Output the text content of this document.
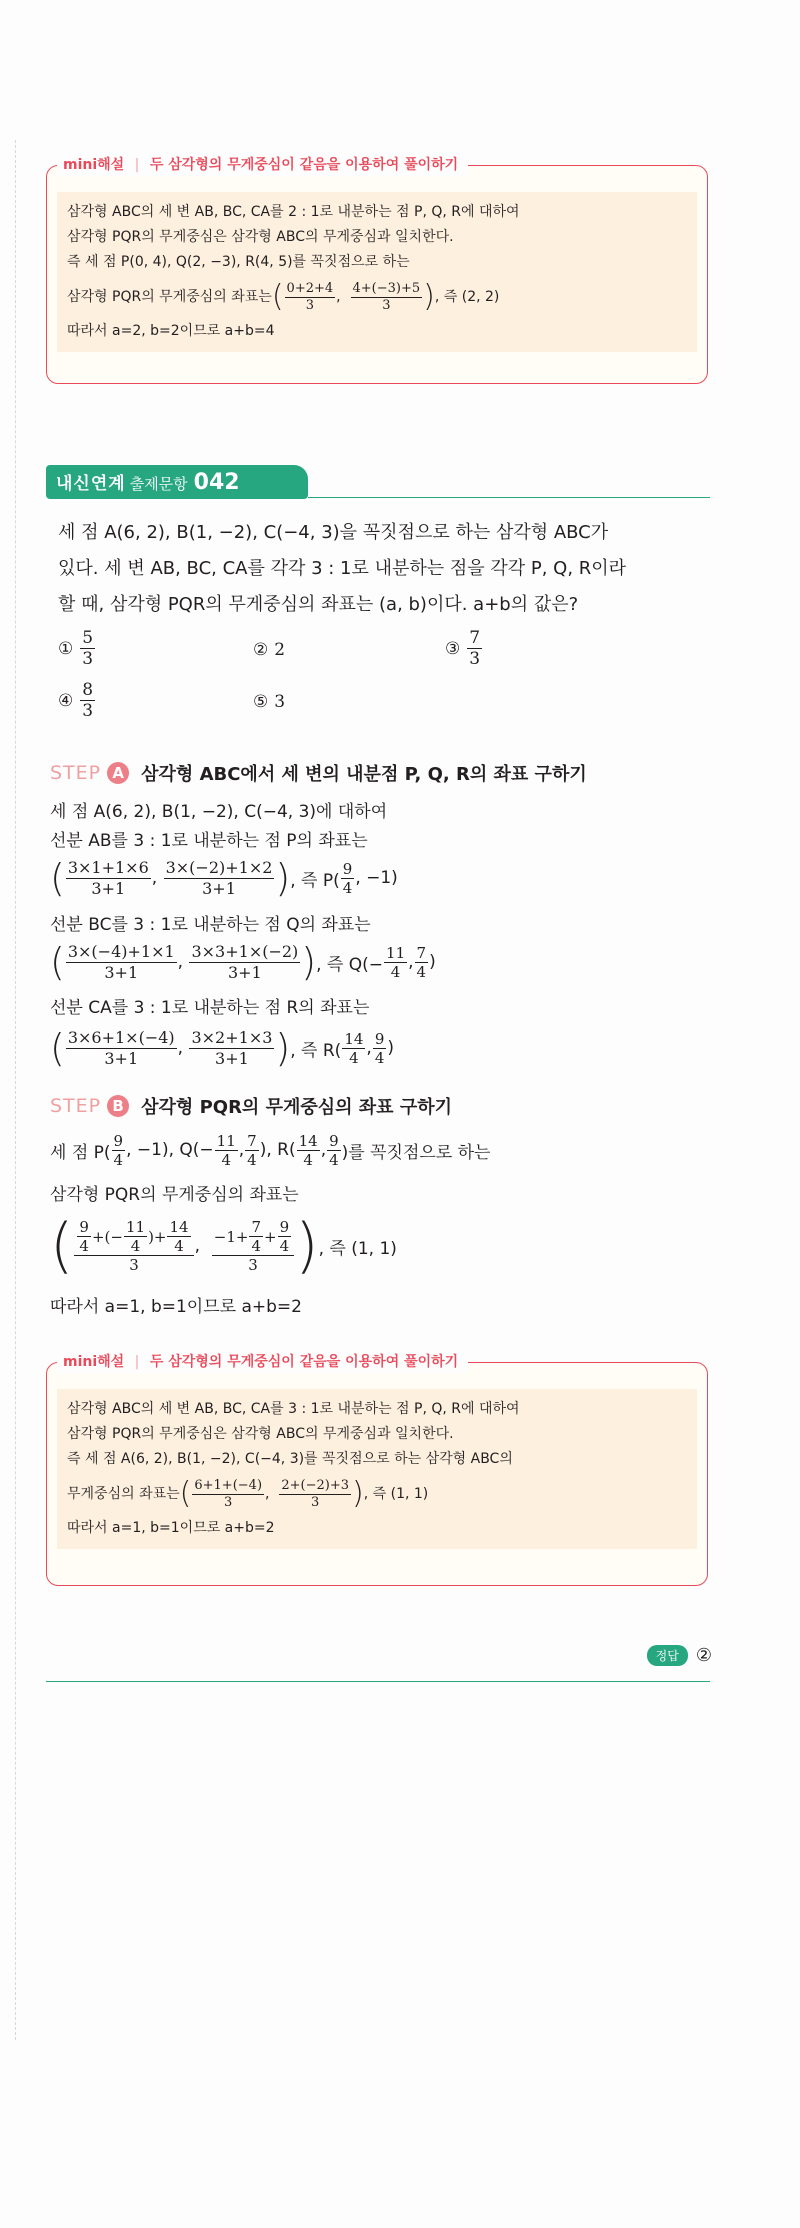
mini해설 | 두 삼각형의 무게중심이 같음을 이용하여 풀이하기
삼각형 ABC의 세 변 AB, BC, CA를 2 : 1로 내분하는 점 P, Q, R에 대하여
삼각형 PQR의 무게중심은 삼각형 ABC의 무게중심과 일치한다.
즉 세 점 P(0, 4), Q(2, −3), R(4, 5)를 꼭짓점으로 하는
삼각형 PQR의 무게중심의 좌표는 ( $\frac{0+2+4}{3}$ , $\frac{4+(-3)+5}{3}$ ) , 즉 (2, 2)
따라서 a=2, b=2이므로 a+b=4
내신연계 출제문항 042
세 점 A(6, 2), B(1, −2), C(−4, 3)을 꼭짓점으로 하는 삼각형 ABC가
있다. 세 변 AB, BC, CA를 각각 3 : 1로 내분하는 점을 각각 P, Q, R이라
할 때, 삼각형 PQR의 무게중심의 좌표는 (a, b)이다. a+b의 값은?
① $\frac{5}{3}$	② 2	③ $\frac{7}{3}$
④ $\frac{8}{3}$	⑤ 3
STEP A 삼각형 ABC에서 세 변의 내분점 P, Q, R의 좌표 구하기
세 점 A(6, 2), B(1, −2), C(−4, 3)에 대하여
선분 AB를 3 : 1로 내분하는 점 P의 좌표는
( $\frac{3\times 1+1\times 6}{3+1}$ , $\frac{3\times(-2)+1\times 2}{3+1}$ ) , 즉 $P( \frac{9}{4}$ , −1)
선분 BC를 3 : 1로 내분하는 점 Q의 좌표는
( $\frac{3\times(-4)+1\times 1}{3+1}$ , $\frac{3\times 3+1\times(-2)}{3+1}$ ) , 즉 $Q(- \frac{11}{4}$ , $\frac{7}{4}$ )
선분 CA를 3 : 1로 내분하는 점 R의 좌표는
( $\frac{3\times 6+1\times(-4)}{3+1}$ , $\frac{3\times 2+1\times 3}{3+1}$ ) , 즉 $R( \frac{14}{4}$ , $\frac{9}{4}$ )
STEP B 삼각형 PQR의 무게중심의 좌표 구하기
세 점 $P( \frac{9}{4}$ , −1), $Q(- \frac{11}{4}$ , $\frac{7}{4}$ ), $R( \frac{14}{4}$ , $\frac{9}{4}$ )를 꼭짓점으로 하는
삼각형 PQR의 무게중심의 좌표는
( $\frac{\frac{9}{4} +(- \frac{11}{4} )+ \frac{14}{4}}{3}$ , $\frac{-1+ \frac{7}{4} + \frac{9}{4}}{3}$ ) , 즉 (1, 1)
따라서 a=1, b=1이므로 a+b=2
mini해설 | 두 삼각형의 무게중심이 같음을 이용하여 풀이하기
삼각형 ABC의 세 변 AB, BC, CA를 3 : 1로 내분하는 점 P, Q, R에 대하여
삼각형 PQR의 무게중심은 삼각형 ABC의 무게중심과 일치한다.
즉 세 점 A(6, 2), B(1, −2), C(−4, 3)를 꼭짓점으로 하는 삼각형 ABC의
무게중심의 좌표는 ( $\frac{6+1+(-4)}{3}$ , $\frac{2+(-2)+3}{3}$ ) , 즉 (1, 1)
따라서 a=1, b=1이므로 a+b=2
정답 ②
